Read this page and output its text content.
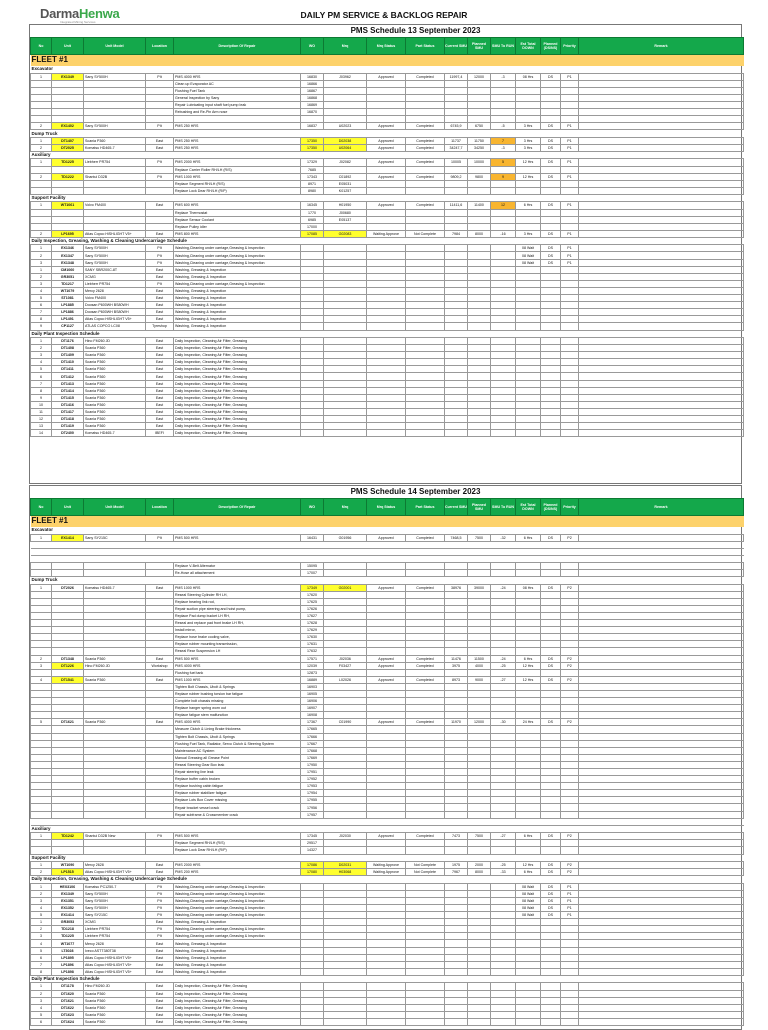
DarmaHenwa
Integrated Mining Services
DAILY PM SERVICE & BACKLOG REPAIR
PMS Schedule 13 September 2023
No	Unit	Unit Model	Location	Description Of Repair	WO	Mrq	Mrq Status	Part Status	Current SMU	Planned SMU	SMU To RUN	Est Total DOWN	Planned (DS/NS)	Priority	Remark
FLEET #1															
Excavator															
1	EX1349	Sany SY500H	PIt	PMS 4000 HRS	16830	J03962	Approved	Completed	11997,4	12000	-3	08 Hrs	DS	P1	
				Clean up Evaporator AC	16866										
				Flushing Fuel Tank	16867										
				General Inspection by Sany	16868										
				Repair Lubricating input shaft fuel pump leak	16869										
				Rebushing and Re-Pin Arm nose	16870										

2	EX1402	Sany SY500H	PIt	PMS 250 HRS	16837	U02023	Approved	Completed	6745,9	6750	-5	3 Hrs	DS	P1	
Dump Truck															
1	DT1407	Scania P360	East	PMS 250 HRS	17350	D02038	Approved	Completed	11737	11750	7	3 Hrs	DS	P1	
2	DT2025	Komatsu HD465-7	East	PMS 250 HRS	17350	U02064	Approved	Completed	34247,7	34250	-3	3 Hrs	DS	P1	
Auxiliary															
1	TD1225	Liebherr PR754	PIt	PMS 2000 HRS	17329	J02082	Approved	Completed	10005	10000	5	12 Hrs	DS	P1	
				Replace Carrier Roller RH/LH (R/S)	7685										
2	TD1222	Shantui D32B	PIt	PMS 1000 HRS	17343	C01892	Approved	Completed	9809,2	9800	9	12 Hrs	DS	P1	
				Replace Segment RH/LH (R/S)	8971	E05031									
				Replace Lock Dear RH/LH (R/P)	8980	K01257									
Support Facility															
1	WT1061	Volvo FM400	East	PMS 600 HRS	16345	H01950	Approved	Completed	11411,6	11400	12	6 Hrs	DS	P1	
				Replace Thermostat	1770	J00680									
				Replace Sensor Coolant	6985	E05137									
				Replace Pulley idler	17000										
2	LP1695	Atlas Copco HiSHLIGHT V5+	East	PMS 800 HRS	17085	G02083	Waiting Approve	Not Complete	7984	8000	-16	3 Hrs	DS	P1	
Daily Inspection, Greasing, Washing & Cleaning Undercarriage Schedule															
1	EX1346	Sany SY500H	PIt	Washing,Cleaning under carriage,Greasing & Inspection								08 Wait	DS	P1	
2	EX1347	Sany SY500H	PIt	Washing,Cleaning under carriage,Greasing & Inspection								08 Wait	DS	P1	
3	EX1348	Sany SY500H	PIt	Washing,Cleaning under carriage,Greasing & Inspection								08 Wait	DS	P1	
1	CM1060	SANY SBR200C-8T	East	Washing, Greasing & Inspection											
2	GR3051	XCMG	East	Washing, Greasing & Inspection											
3	TD1217	Liebherr PR754	PIt	Washing,Cleaning under carriage,Greasing & Inspection											
4	WT1079	Mercy 2628	East	Washing, Greasing & Inspection											
5	ST1081	Volvo FM400	East	Washing, Greasing & Inspection											
6	LP1885	Doosan P600WH BS80WH	East	Washing, Greasing & Inspection											
7	LP1886	Doosan P600WH BS80WH	East	Washing, Greasing & Inspection											
8	LP1491	Atlas Copco HiSHLIGHT V5+	East	Washing, Greasing & Inspection											
9	CP1127	ATLAS COPCO LC08	Tyreshop	Washing, Greasing & Inspection											
Daily Plant Inspection Schedule															
1	DT1176	Hino FM260 JD	East	Daily Inspection, Cleaning Air Filter, Greasing											
2	DT1408	Scania P360	East	Daily Inspection, Cleaning Air Filter, Greasing											
3	DT1409	Scania P360	East	Daily Inspection, Cleaning Air Filter, Greasing											
4	DT1410	Scania P360	East	Daily Inspection, Cleaning Air Filter, Greasing											
5	DT1411	Scania P360	East	Daily Inspection, Cleaning Air Filter, Greasing											
6	DT1412	Scania P360	East	Daily Inspection, Cleaning Air Filter, Greasing											
7	DT1413	Scania P360	East	Daily Inspection, Cleaning Air Filter, Greasing											
8	DT1414	Scania P360	East	Daily Inspection, Cleaning Air Filter, Greasing											
9	DT1415	Scania P360	East	Daily Inspection, Cleaning Air Filter, Greasing											
10	DT1416	Scania P360	East	Daily Inspection, Cleaning Air Filter, Greasing											
11	DT1417	Scania P360	East	Daily Inspection, Cleaning Air Filter, Greasing											
12	DT1418	Scania P360	East	Daily Inspection, Cleaning Air Filter, Greasing											
13	DT1419	Scania P360	East	Daily Inspection, Cleaning Air Filter, Greasing											
14	DT2400	Komatsu HD465-7	IBEFI	Daily Inspection, Cleaning Air Filter, Greasing											
PMS Schedule 14 September 2023
No	Unit	Unit Model	Location	Description Of Repair	WO	Mrq	Mrq Status	Part Status	Current SMU	Planned SMU	SMU To RUN	Est Total DOWN	Planned (DS/NS)	Priority	Remark
FLEET #1															
Excavator															
1	EX1414	Sany SY215C	PIt	PMS 500 HRS	16431	G01956	Approved	Completed	7468,5	7500	-32	6 Hrs	DS	P2	

				Replace V-Belt Alternator	15095										
				Re-Hose all attachement	17007										
Dump Truck															
1	DT2026	Komatsu HD465-7	East	PMS 1000 HRS	17349	G02001	Approved	Completed	38976	39000	-24	08 Hrs	DS	P2	
				Reseal Steering Cylinder RH LH,	17620										
				Replace bearing link rod,	17625										
				Repair suction pipe steering and hoist pump,	17626										
				Replace Pad dump bucket LH RH,	17627										
				Reseal and replace pad front brake LH RH,	17628										
				Install mirror,	17629										
				Replace hose brake cooling valve,	17630										
				Replace rubber mounting transmission,	17631										
				Reseal Rear Suspension LH	17632										
2	DT1348	Scania P360	East	PMS 500 HRS	17571	J02036	Approved	Completed	11476	11500	-24	6 Hrs	DS	P2	
3	DT1226	Hino FM260 JD	Workshop	PMS 4000 HRS	12039	F03427	Approved	Completed	3975	4000	-25	12 Hrs	DS	P2	
				Flushing fuel tank	12873										
4	DT1541	Scania P360	East	PMS 1000 HRS	16889	L02026	Approved	Completed	8973	9000	-27	12 Hrs	DS	P2	
				Tighten Bolt Chassis, Ubolt & Springs	16903										
				Replace rubber bushing torsion bar fatigue	16905										
				Complete bolt chassis missing	16906										
				Replace hanger spring worn out	16907										
				Replace fatigue stem malfunction	16908										
5	DT1621	Scania P360	East	PMS 4000 HRS	17367	C01990	Approved	Completed	11970	12000	-30	24 Hrs	DS	P2	
				Measure Clutch & Lining Brake thickness	17665										
				Tighten Bolt Chassis, Ubolt & Springs	17666										
				Flushing Fuel Tank, Radiator, Servo Clutch & Steering System	17667										
				Maintenance AC System	17668										
				Manual Greasing all Grease Point	17669										
				Reseal Steering Gear Box leak	17950										
				Repair steering line leak	17951										
				Replace buffer cabin broken	17952										
				Replace bushing cabin fatigue	17953										
				Replace rubber stabilizer fatigue	17954										
				Replace Lots Box Cover missing	17955										
				Repair bracket vessel crack	17956										
				Repair subframe & Crossmember crack	17957										

Auxiliary															
1	TD1242	Shantui D32B New	PIt	PMS 500 HRS	17345	J02030	Approved	Completed	7473	7500	-27	6 Hrs	DS	P2	
				Replace Segment RH/LH (R/S)	29517										
				Replace Lock Dear RH/LH (R/P)	14327										
Support Facility															
1	WT1090	Mercy 2628	East	PMS 2000 HRS	17086	D02031	Waiting Approve	Not Complete	1975	2000	-25	12 Hrs	DS	P2	
2	LP1515	Atlas Copco HiSHLIGHT V5+	East	PMS 200 HRS	17080	H03068	Waiting Approve	Not Complete	7967	8000	-33	6 Hrs	DS	P2	
Daily Inspection, Greasing, Washing & Cleaning Undercarriage Schedule															
1	HEX3106	Komatsu PC1250-7	PIt	Washing,Cleaning under carriage,Greasing & Inspection								08 Wait	DS	P1	
2	EX1349	Sany SY500H	PIt	Washing,Cleaning under carriage,Greasing & Inspection								08 Wait	DS	P1	
3	EX1351	Sany SY500H	PIt	Washing,Cleaning under carriage,Greasing & Inspection								08 Wait	DS	P1	
4	EX1352	Sany SY500H	PIt	Washing,Cleaning under carriage,Greasing & Inspection								08 Wait	DS	P1	
5	EX1414	Sany SY215C	PIt	Washing,Cleaning under carriage,Greasing & Inspection								08 Wait	DS	P1	
1	GR3053	XCMG	East	Washing, Greasing & Inspection											
2	TD1218	Liebherr PR754	PIt	Washing,Cleaning under carriage,Greasing & Inspection											
3	TD1225	Liebherr PR754	PIt	Washing,Cleaning under carriage,Greasing & Inspection											
4	WT1077	Mercy 2628	East	Washing, Greasing & Inspection											
5	LT3028	Iveco ASTT380T38	East	Washing, Greasing & Inspection											
6	LP1895	Atlas Copco HiSHLIGHT V5+	East	Washing, Greasing & Inspection											
7	LP1896	Atlas Copco HiSHLIGHT V5+	East	Washing, Greasing & Inspection											
8	LP1898	Atlas Copco HiSHLIGHT V5+	East	Washing, Greasing & Inspection											
Daily Plant Inspection Schedule															
1	DT1178	Hino FM260 JD	East	Daily Inspection, Cleaning Air Filter, Greasing											
2	DT1620	Scania P360	East	Daily Inspection, Cleaning Air Filter, Greasing											
3	DT1621	Scania P360	East	Daily Inspection, Cleaning Air Filter, Greasing											
4	DT1622	Scania P360	East	Daily Inspection, Cleaning Air Filter, Greasing											
5	DT1623	Scania P360	East	Daily Inspection, Cleaning Air Filter, Greasing											
6	DT1624	Scania P360	East	Daily Inspection, Cleaning Air Filter, Greasing											
